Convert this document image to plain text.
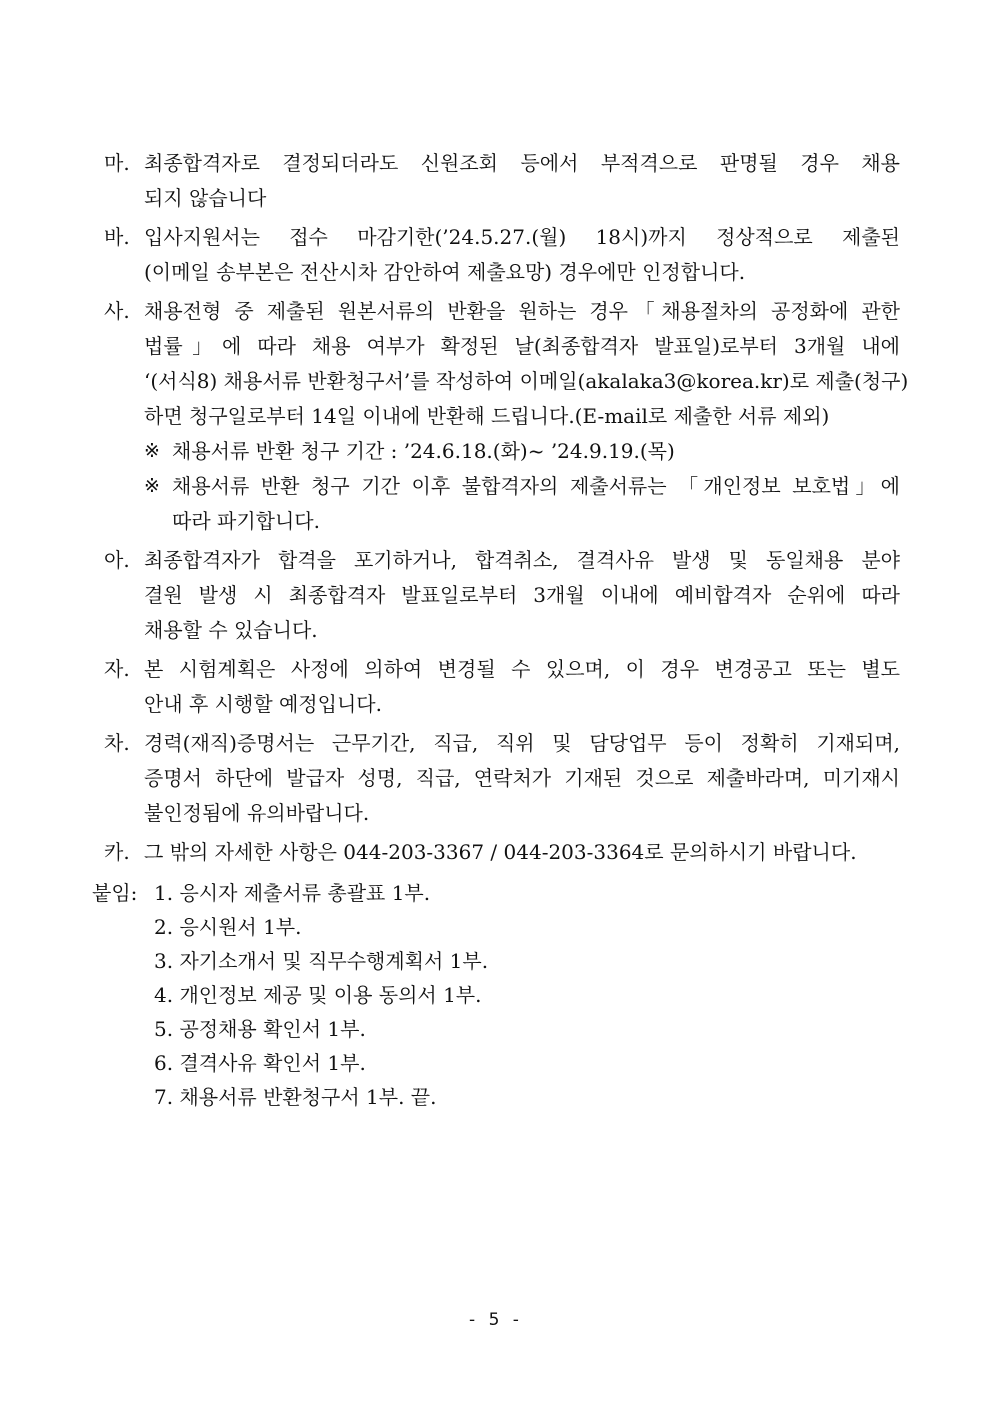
마. 최종합격자로 결정되더라도 신원조회 등에서 부적격으로 판명될 경우 채용
되지 않습니다
바. 입사지원서는 접수 마감기한(’24.5.27.(월) 18시)까지 정상적으로 제출된
(이메일 송부본은 전산시차 감안하여 제출요망) 경우에만 인정합니다.
사. 채용전형 중 제출된 원본서류의 반환을 원하는 경우「채용절차의 공정화에 관한
법률」에 따라 채용 여부가 확정된 날(최종합격자 발표일)로부터 3개월 내에
‘(서식8) 채용서류 반환청구서’를 작성하여 이메일(akalaka3@korea.kr)로 제출(청구)
하면 청구일로부터 14일 이내에 반환해 드립니다.(E-mail로 제출한 서류 제외)
※ 채용서류 반환 청구 기간 : ’24.6.18.(화)~ ’24.9.19.(목)
※ 채용서류 반환 청구 기간 이후 불합격자의 제출서류는 「개인정보 보호법」에
따라 파기합니다.
아. 최종합격자가 합격을 포기하거나, 합격취소, 결격사유 발생 및 동일채용 분야
결원 발생 시 최종합격자 발표일로부터 3개월 이내에 예비합격자 순위에 따라
채용할 수 있습니다.
자. 본 시험계획은 사정에 의하여 변경될 수 있으며, 이 경우 변경공고 또는 별도
안내 후 시행할 예정입니다.
차. 경력(재직)증명서는 근무기간, 직급, 직위 및 담당업무 등이 정확히 기재되며,
증명서 하단에 발급자 성명, 직급, 연락처가 기재된 것으로 제출바라며, 미기재시
불인정됨에 유의바랍니다.
카. 그 밖의 자세한 사항은 044-203-3367 / 044-203-3364로 문의하시기 바랍니다.
붙임: 1. 응시자 제출서류 총괄표 1부.
2. 응시원서 1부.
3. 자기소개서 및 직무수행계획서 1부.
4. 개인정보 제공 및 이용 동의서 1부.
5. 공정채용 확인서 1부.
6. 결격사유 확인서 1부.
7. 채용서류 반환청구서 1부. 끝.
- 5 -
